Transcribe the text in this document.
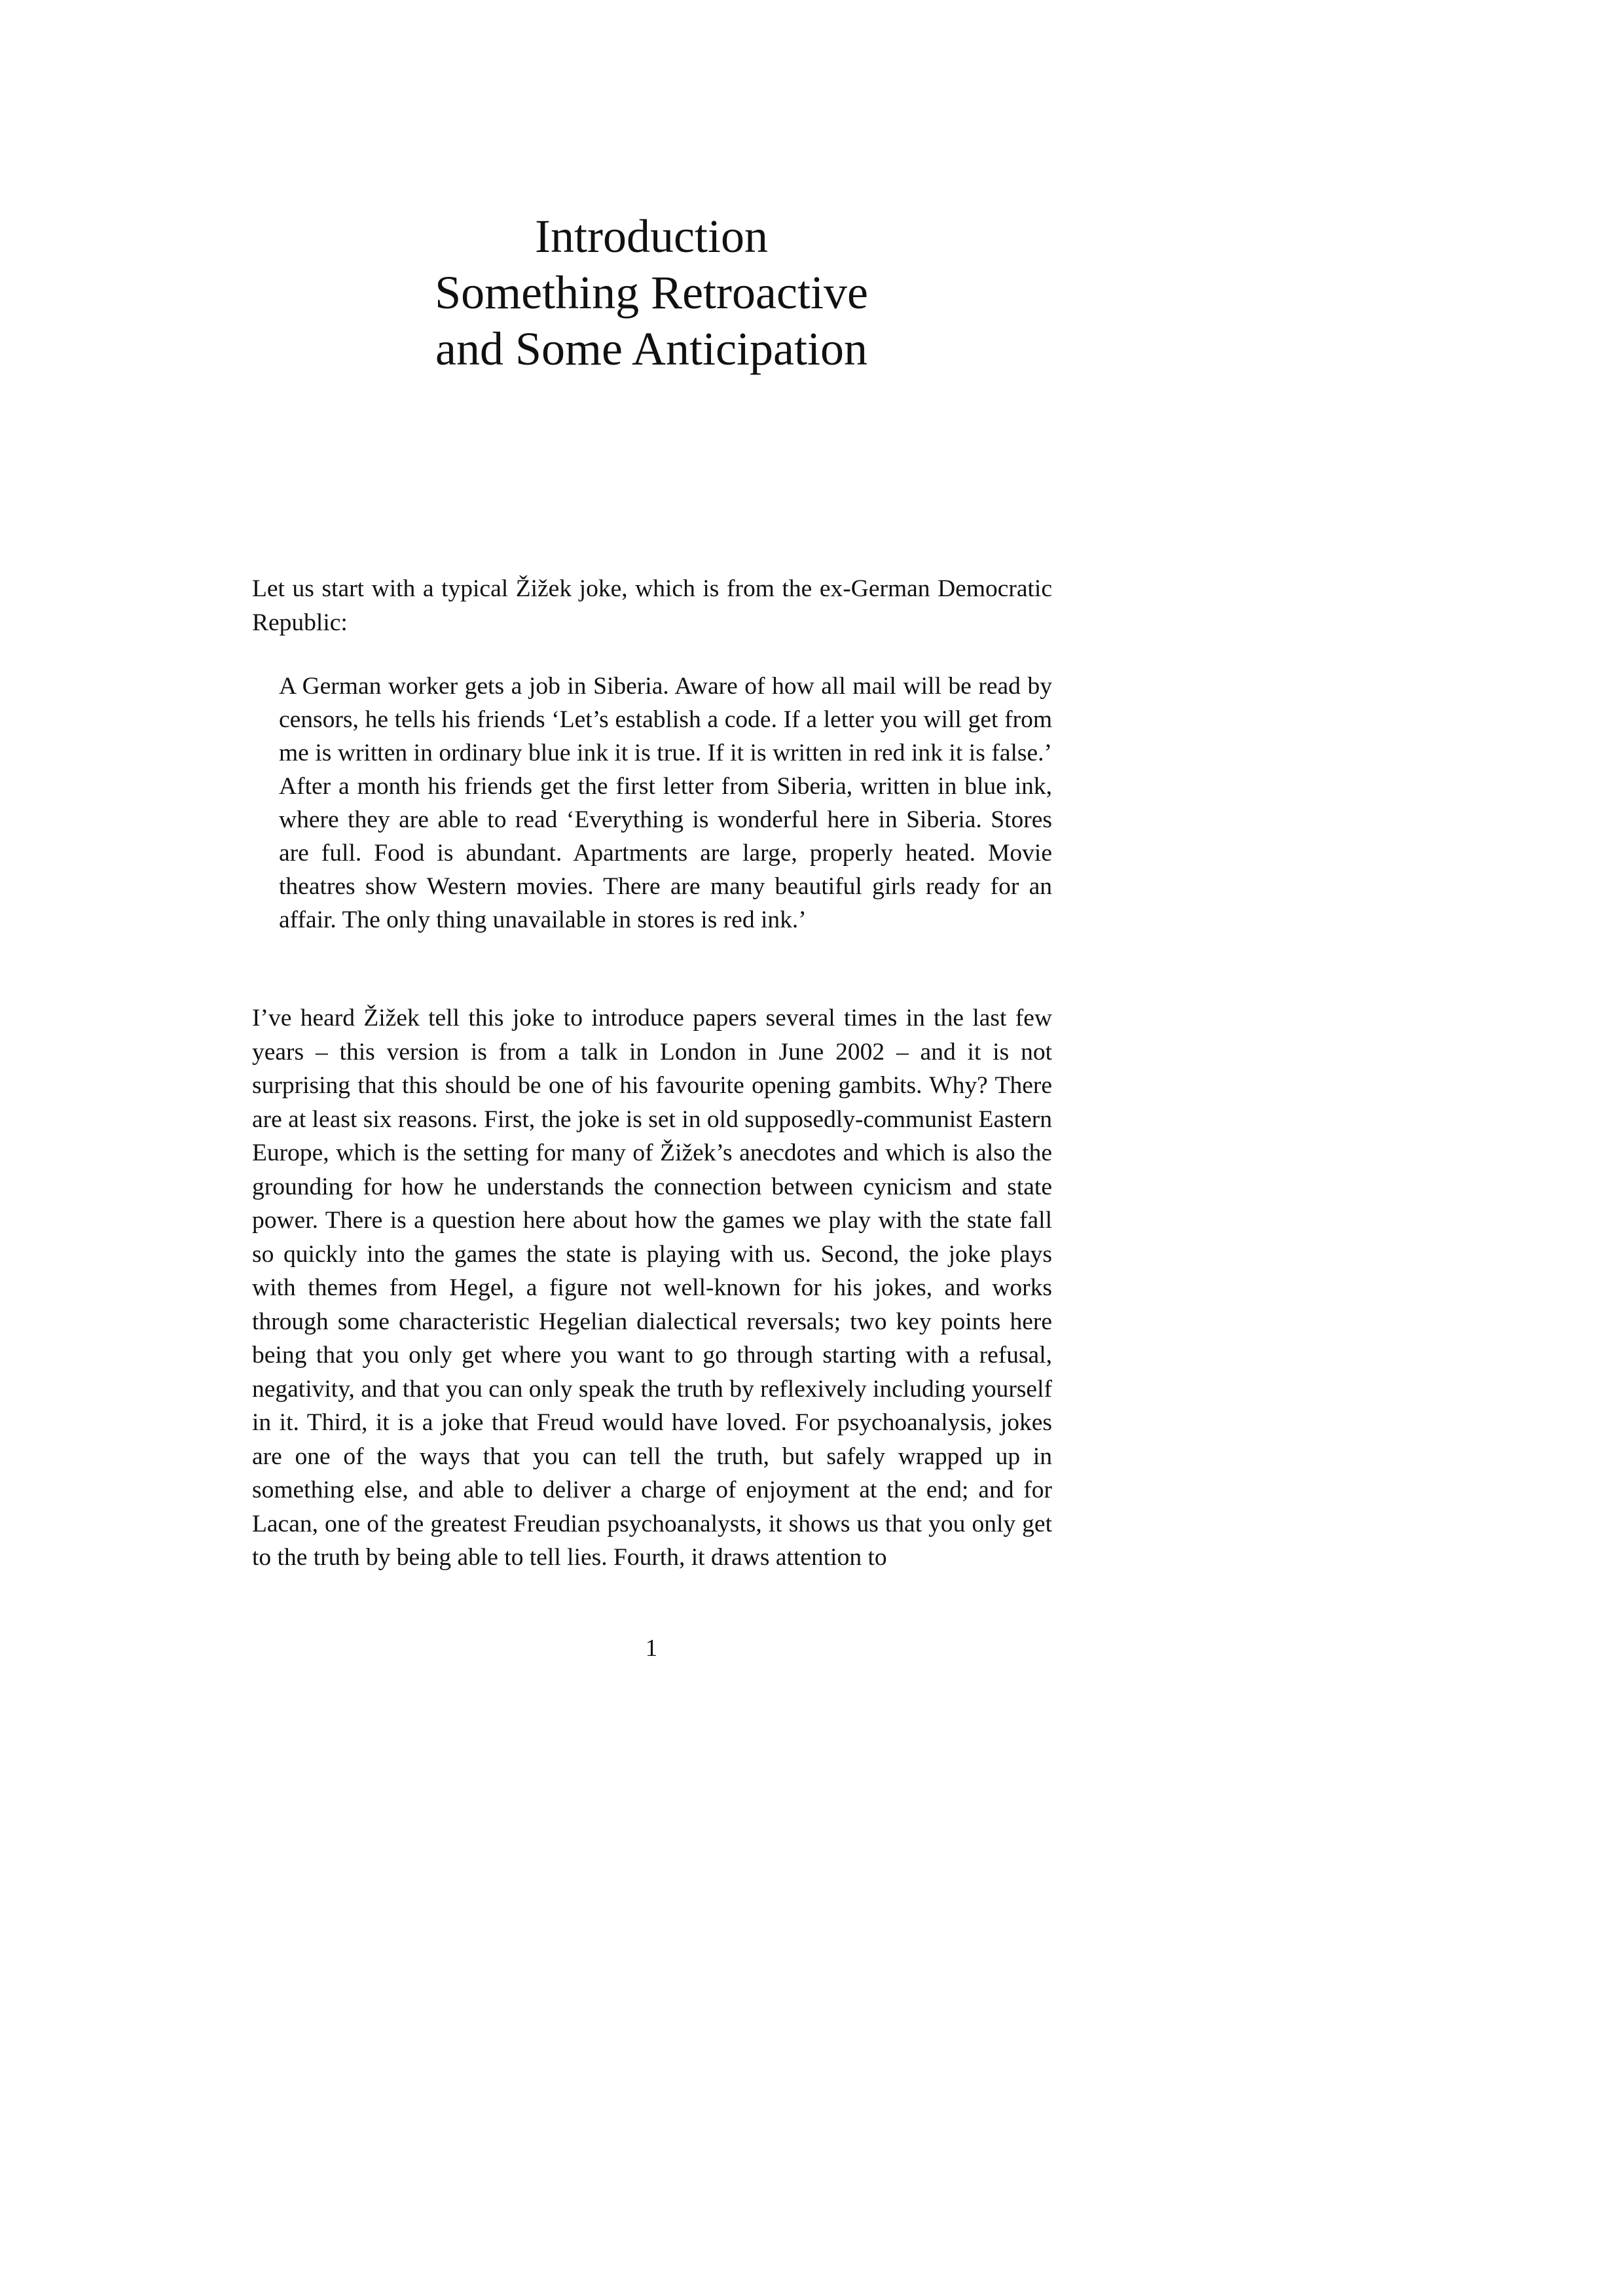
Introduction
Something Retroactive
and Some Anticipation

Let us start with a typical Žižek joke, which is from the ex-German Democratic Republic:

A German worker gets a job in Siberia. Aware of how all mail will be read by censors, he tells his friends ‘Let’s establish a code. If a letter you will get from me is written in ordinary blue ink it is true. If it is written in red ink it is false.’ After a month his friends get the first letter from Siberia, written in blue ink, where they are able to read ‘Everything is wonderful here in Siberia. Stores are full. Food is abundant. Apartments are large, properly heated. Movie theatres show Western movies. There are many beautiful girls ready for an affair. The only thing unavailable in stores is red ink.’

I’ve heard Žižek tell this joke to introduce papers several times in the last few years – this version is from a talk in London in June 2002 – and it is not surprising that this should be one of his favourite opening gambits. Why? There are at least six reasons. First, the joke is set in old supposedly-communist Eastern Europe, which is the setting for many of Žižek’s anecdotes and which is also the grounding for how he understands the connection between cynicism and state power. There is a question here about how the games we play with the state fall so quickly into the games the state is playing with us. Second, the joke plays with themes from Hegel, a figure not well-known for his jokes, and works through some characteristic Hegelian dialectical reversals; two key points here being that you only get where you want to go through starting with a refusal, negativity, and that you can only speak the truth by reflexively including yourself in it. Third, it is a joke that Freud would have loved. For psychoanalysis, jokes are one of the ways that you can tell the truth, but safely wrapped up in something else, and able to deliver a charge of enjoyment at the end; and for Lacan, one of the greatest Freudian psychoanalysts, it shows us that you only get to the truth by being able to tell lies. Fourth, it draws attention to

1
